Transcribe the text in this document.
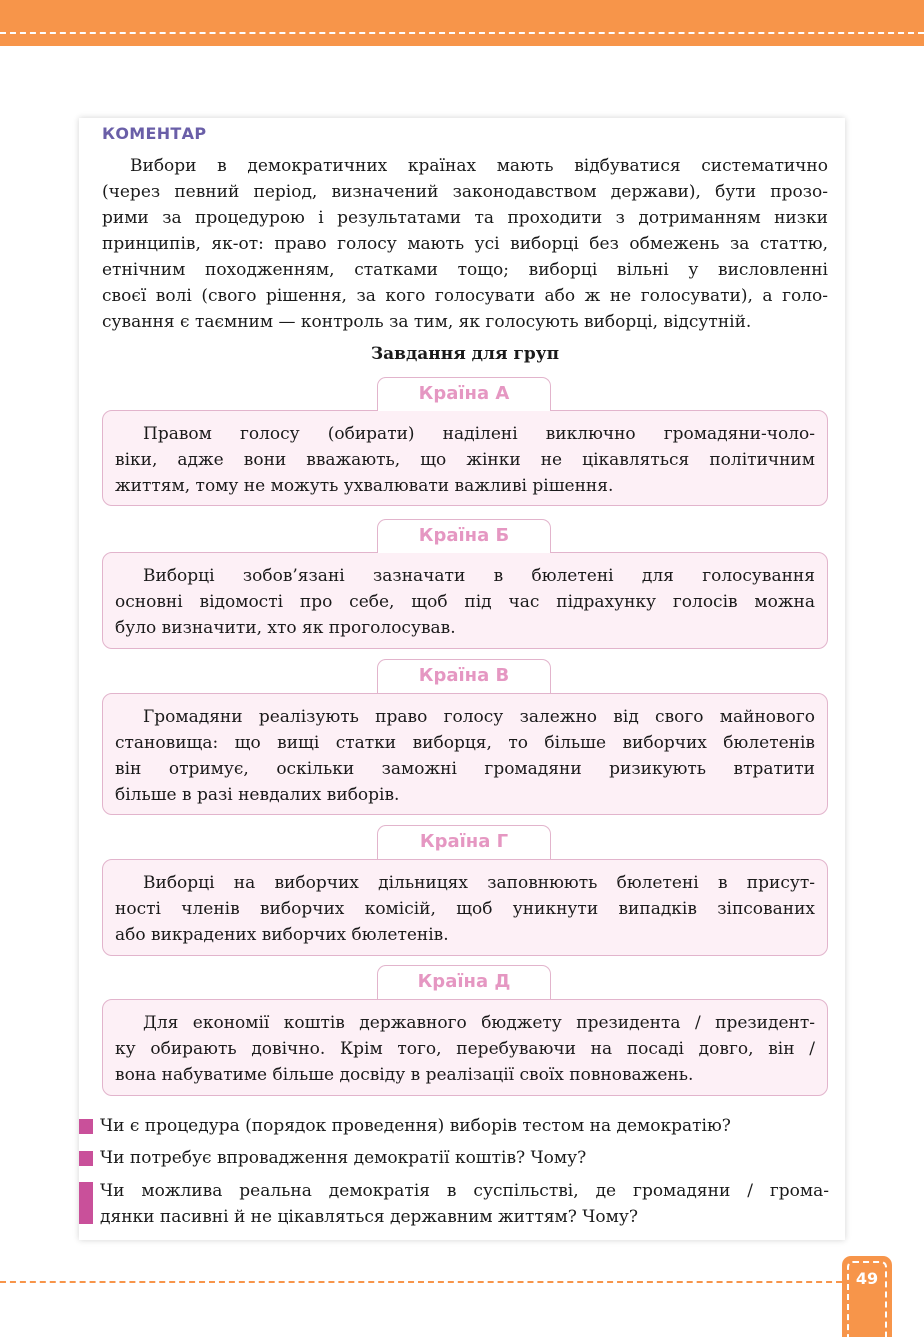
КОМЕНТАР
Вибори в демократичних країнах мають відбуватися систематично
(через певний період, визначений законодавством держави), бути прозо-
рими за процедурою і результатами та проходити з дотриманням низки
принципів, як-от: право голосу мають усі виборці без обмежень за статтю,
етнічним походженням, статками тощо; виборці вільні у висловленні
своєї волі (свого рішення, за кого голосувати або ж не голосувати), а голо-
сування є таємним — контроль за тим, як голосують виборці, відсутній.
Завдання для груп
Країна А
Правом голосу (обирати) наділені виключно громадяни-чоло-
віки, адже вони вважають, що жінки не цікавляться політичним
життям, тому не можуть ухвалювати важливі рішення.
Країна Б
Виборці зобов’язані зазначати в бюлетені для голосування
основні відомості про себе, щоб під час підрахунку голосів можна
було визначити, хто як проголосував.
Країна В
Громадяни реалізують право голосу залежно від свого майнового
становища: що вищі статки виборця, то більше виборчих бюлетенів
він отримує, оскільки заможні громадяни ризикують втратити
більше в разі невдалих виборів.
Країна Г
Виборці на виборчих дільницях заповнюють бюлетені в присут-
ності членів виборчих комісій, щоб уникнути випадків зіпсованих
або викрадених виборчих бюлетенів.
Країна Д
Для економії коштів державного бюджету президента / президент-
ку обирають довічно. Крім того, перебуваючи на посаді довго, він /
вона набуватиме більше досвіду в реалізації своїх повноважень.
Чи є процедура (порядок проведення) виборів тестом на демократію?
Чи потребує впровадження демократії коштів? Чому?
Чи можлива реальна демократія в суспільстві, де громадяни / грома-
дянки пасивні й не цікавляться державним життям? Чому?
49
